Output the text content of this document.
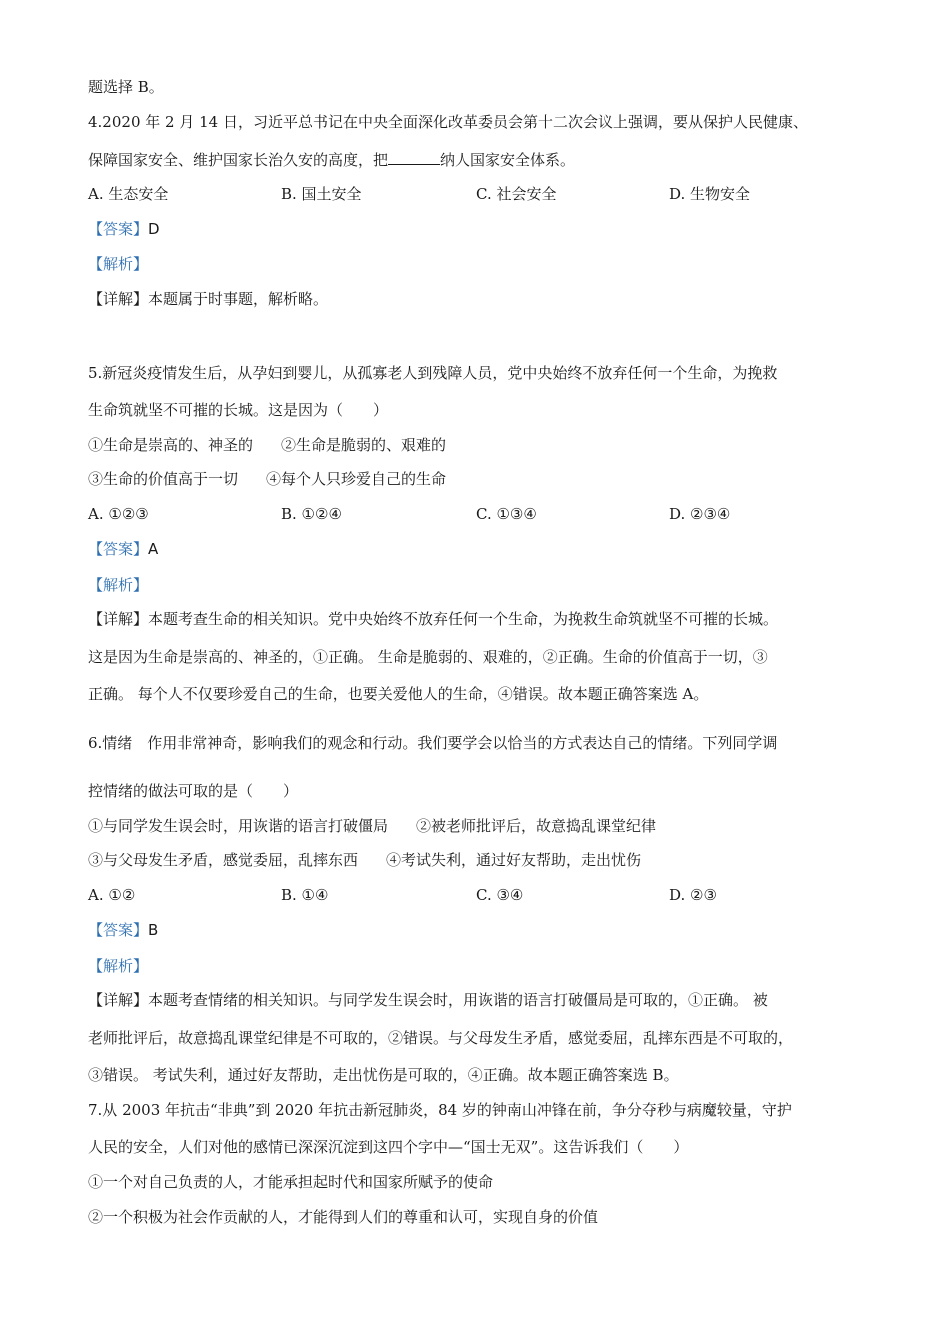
题选择 B。
4.2020 年 2 月 14 日，习近平总书记在中央全面深化改革委员会第十二次会议上强调，要从保护人民健康、
保障国家安全、维护国家长治久安的高度，把	纳人国家安全体系。
A. 生态安全	B. 国土安全	C. 社会安全	D. 生物安全
【答案】D
【解析】
【详解】本题属于时事题，解析略。
5.新冠炎疫情发生后，从孕妇到婴儿，从孤寡老人到残障人员，党中央始终不放弃任何一个生命，为挽救
生命筑就坚不可摧的长城。这是因为（　　）
①生命是崇高的、神圣的 ②生命是脆弱的、艰难的
③生命的价值高于一切 ④每个人只珍爱自己的生命
A. ①②③	B. ①②④	C. ①③④	D. ②③④
【答案】A
【解析】
【详解】本题考查生命的相关知识。党中央始终不放弃任何一个生命，为挽救生命筑就坚不可摧的长城。
这是因为生命是崇高的、神圣的，①正确。 生命是脆弱的、艰难的，②正确。生命的价值高于一切，③
正确。 每个人不仅要珍爱自己的生命，也要关爱他人的生命，④错误。故本题正确答案选 A。
6.情绪　作用非常神奇，影响我们的观念和行动。我们要学会以恰当的方式表达自己的情绪。下列同学调
控情绪的做法可取的是（　　）
①与同学发生误会时，用诙谐的语言打破僵局 ②被老师批评后，故意捣乱课堂纪律
③与父母发生矛盾，感觉委屈，乱摔东西 ④考试失利，通过好友帮助，走出忧伤
A. ①②	B. ①④	C. ③④	D. ②③
【答案】B
【解析】
【详解】本题考查情绪的相关知识。与同学发生误会时，用诙谐的语言打破僵局是可取的，①正确。 被
老师批评后，故意捣乱课堂纪律是不可取的，②错误。与父母发生矛盾，感觉委屈，乱摔东西是不可取的，
③错误。 考试失利，通过好友帮助，走出忧伤是可取的，④正确。故本题正确答案选 B。
7.从 2003 年抗击“非典”到 2020 年抗击新冠肺炎，84 岁的钟南山冲锋在前，争分夺秒与病魔较量，守护
人民的安全，人们对他的感情已深深沉淀到这四个字中—“国士无双”。这告诉我们（　　）
①一个对自己负责的人，才能承担起时代和国家所赋予的使命
②一个积极为社会作贡献的人，才能得到人们的尊重和认可，实现自身的价值
